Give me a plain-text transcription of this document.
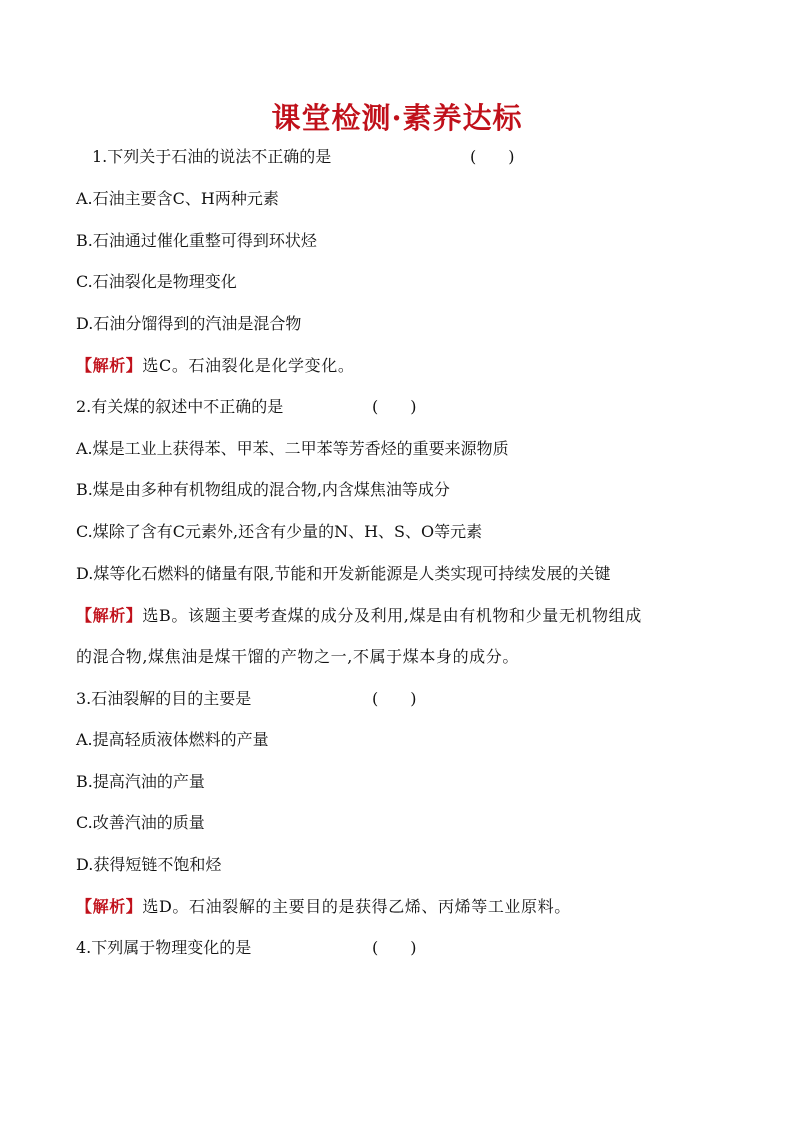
课堂检测·素养达标
1.下列关于石油的说法不正确的是	(　　)
A.石油主要含C、H两种元素
B.石油通过催化重整可得到环状烃
C.石油裂化是物理变化
D.石油分馏得到的汽油是混合物
【解析】选C。石油裂化是化学变化。
2.有关煤的叙述中不正确的是	(　　)
A.煤是工业上获得苯、甲苯、二甲苯等芳香烃的重要来源物质
B.煤是由多种有机物组成的混合物,内含煤焦油等成分
C.煤除了含有C元素外,还含有少量的N、H、S、O等元素
D.煤等化石燃料的储量有限,节能和开发新能源是人类实现可持续发展的关键
【解析】选B。该题主要考查煤的成分及利用,煤是由有机物和少量无机物组成
的混合物,煤焦油是煤干馏的产物之一,不属于煤本身的成分。
3.石油裂解的目的主要是	(　　)
A.提高轻质液体燃料的产量
B.提高汽油的产量
C.改善汽油的质量
D.获得短链不饱和烃
【解析】选D。石油裂解的主要目的是获得乙烯、丙烯等工业原料。
4.下列属于物理变化的是	(　　)
